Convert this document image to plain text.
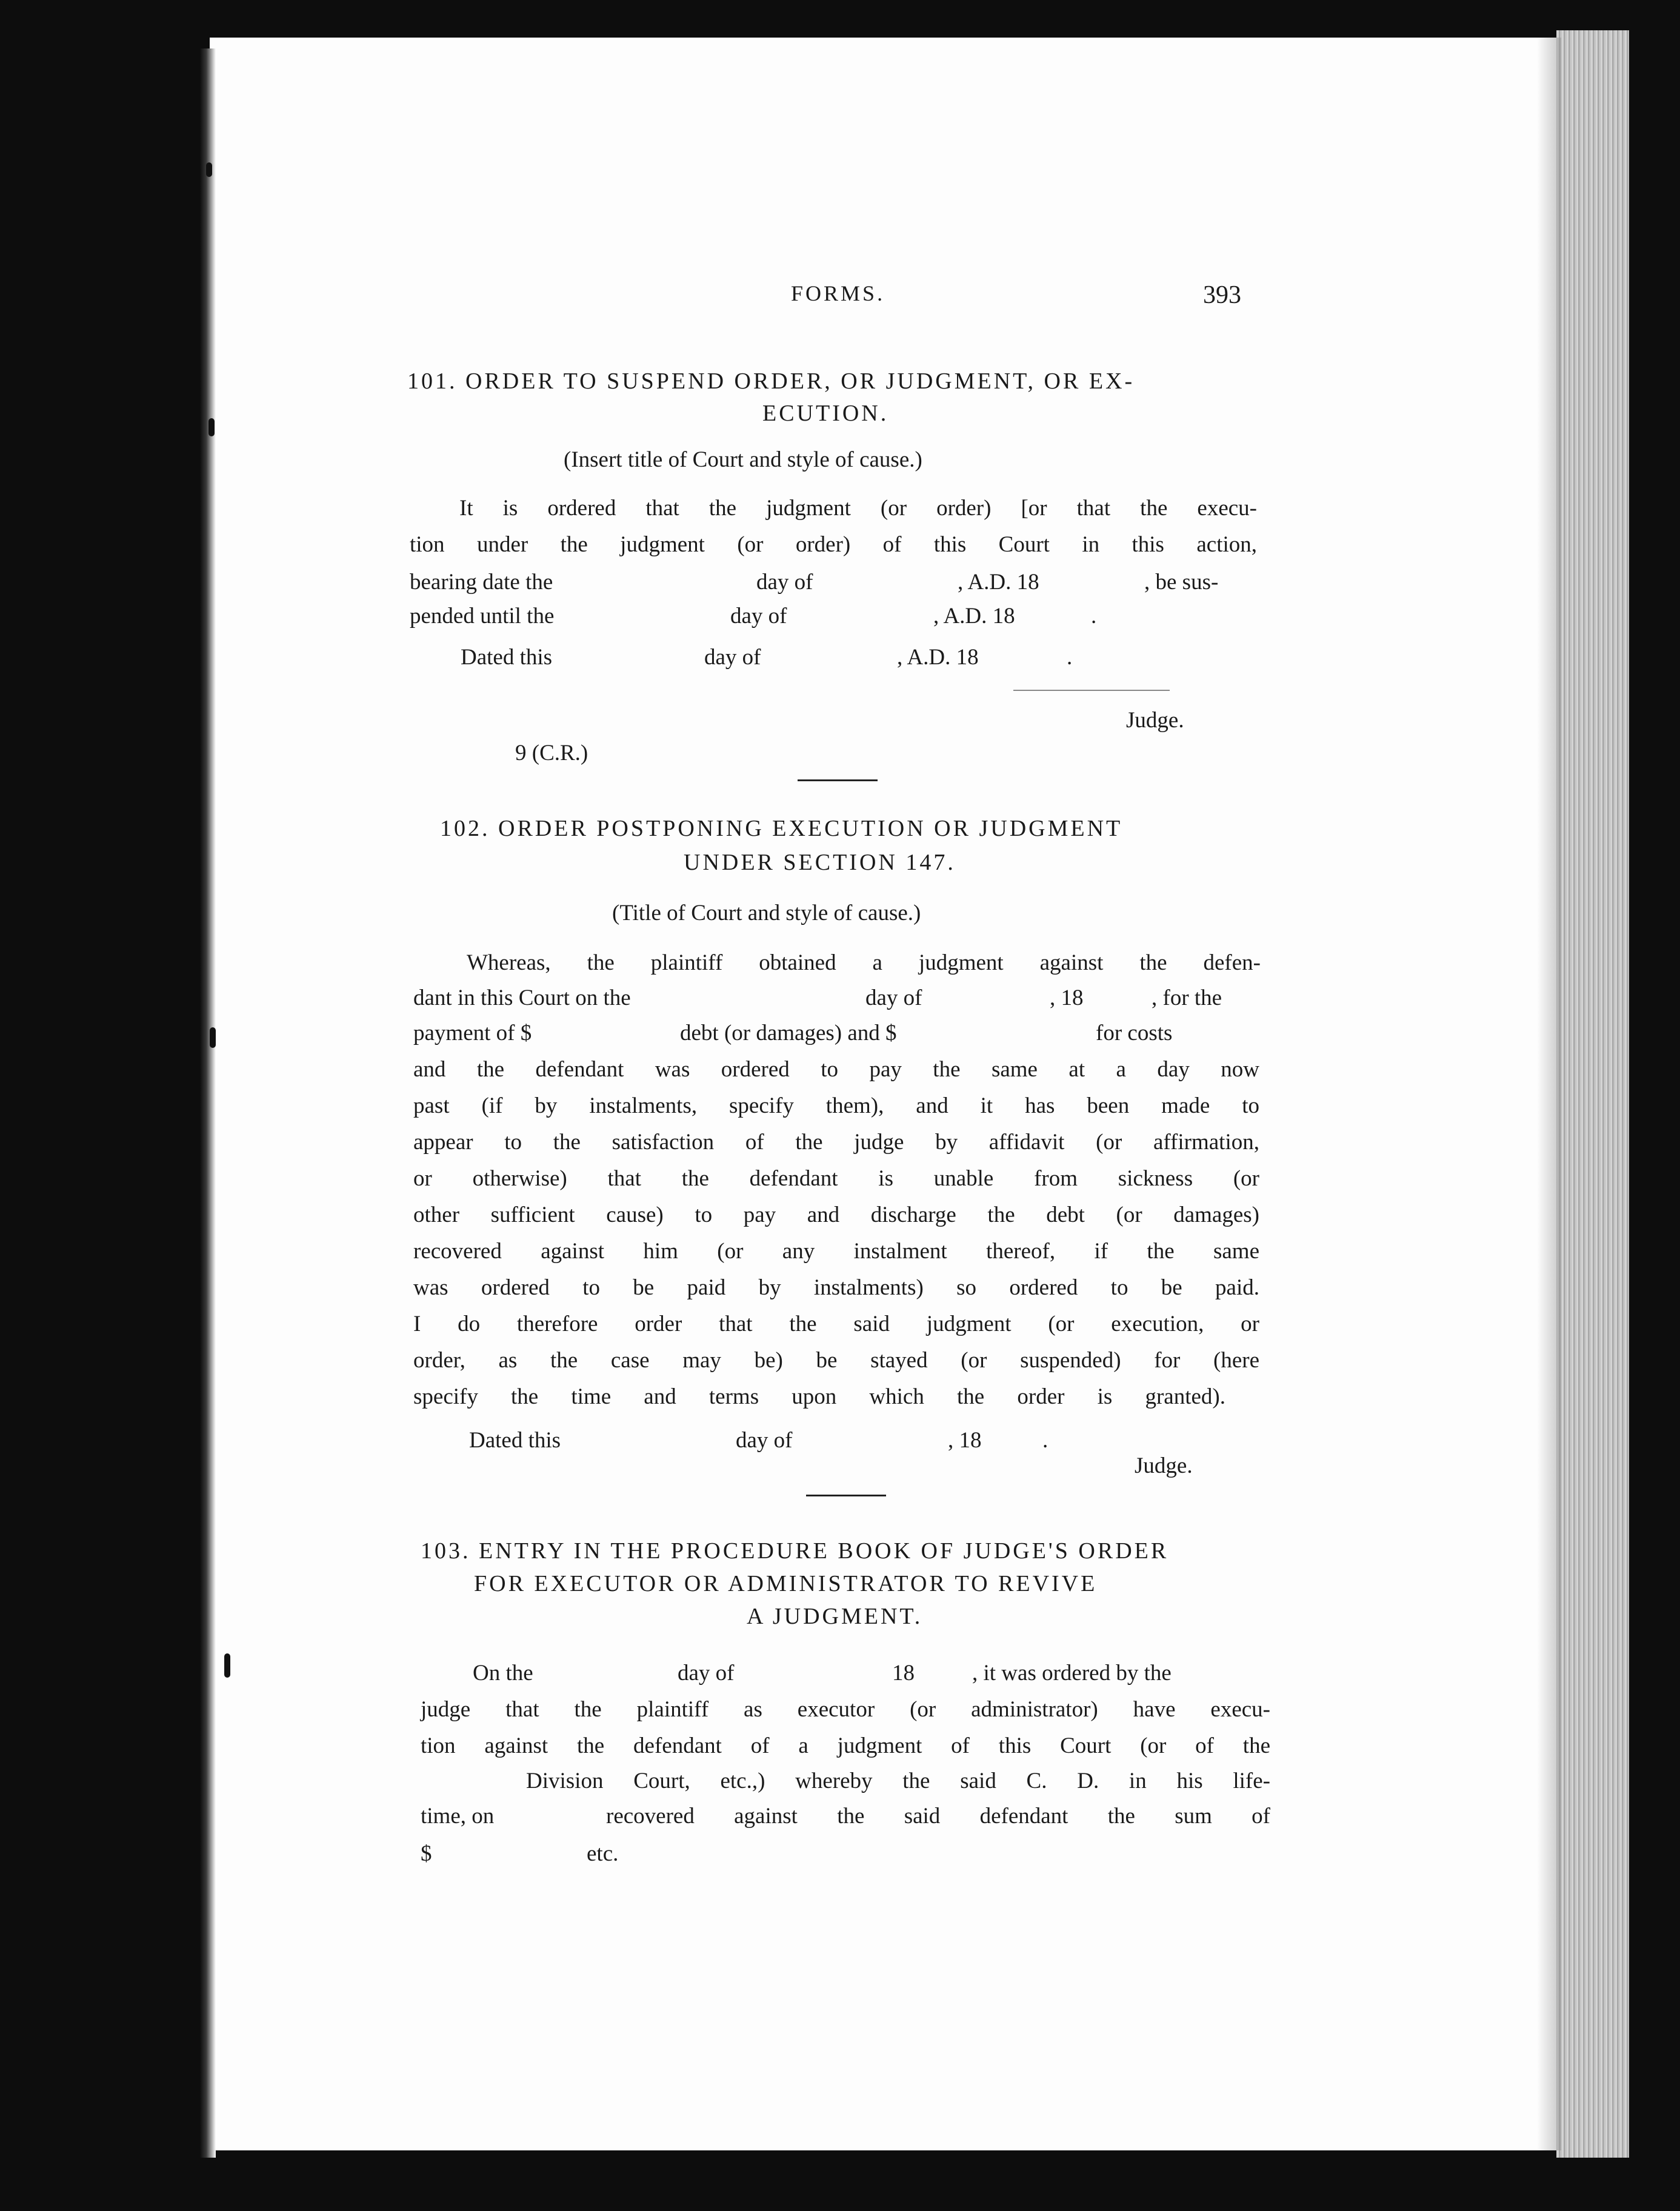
FORMS.	393
101. ORDER TO SUSPEND ORDER, OR JUDGMENT, OR EX-
ECUTION.
(Insert title of Court and style of cause.)
It is ordered that the judgment (or order) [or that the execu-
tion under the judgment (or order) of this Court in this action,
bearing date the	day of	, A.D. 18	, be sus-
pended until the	day of	, A.D. 18	.
Dated this	day of	, A.D. 18	.
Judge.
9 (C.R.)
102. ORDER POSTPONING EXECUTION OR JUDGMENT
UNDER SECTION 147.
(Title of Court and style of cause.)
Whereas, the plaintiff obtained a judgment against the defen-
dant in this Court on the	day of	, 18	, for the
payment of $	debt (or damages) and $	for costs
and the defendant was ordered to pay the same at a day now
past (if by instalments, specify them), and it has been made to
appear to the satisfaction of the judge by affidavit (or affirmation,
or otherwise) that the defendant is unable from sickness (or
other sufficient cause) to pay and discharge the debt (or damages)
recovered against him (or any instalment thereof, if the same
was ordered to be paid by instalments) so ordered to be paid.
I do therefore order that the said judgment (or execution, or
order, as the case may be) be stayed (or suspended) for (here
specify the time and terms upon which the order is granted).
Dated this	day of	, 18	.
Judge.
103. ENTRY IN THE PROCEDURE BOOK OF JUDGE'S ORDER
FOR EXECUTOR OR ADMINISTRATOR TO REVIVE
A JUDGMENT.
On the	day of	18	, it was ordered by the
judge that the plaintiff as executor (or administrator) have execu-
tion against the defendant of a judgment of this Court (or of the
Division Court, etc.,) whereby the said C. D. in his life-
time, on	recovered against the said defendant the sum of
$	etc.
